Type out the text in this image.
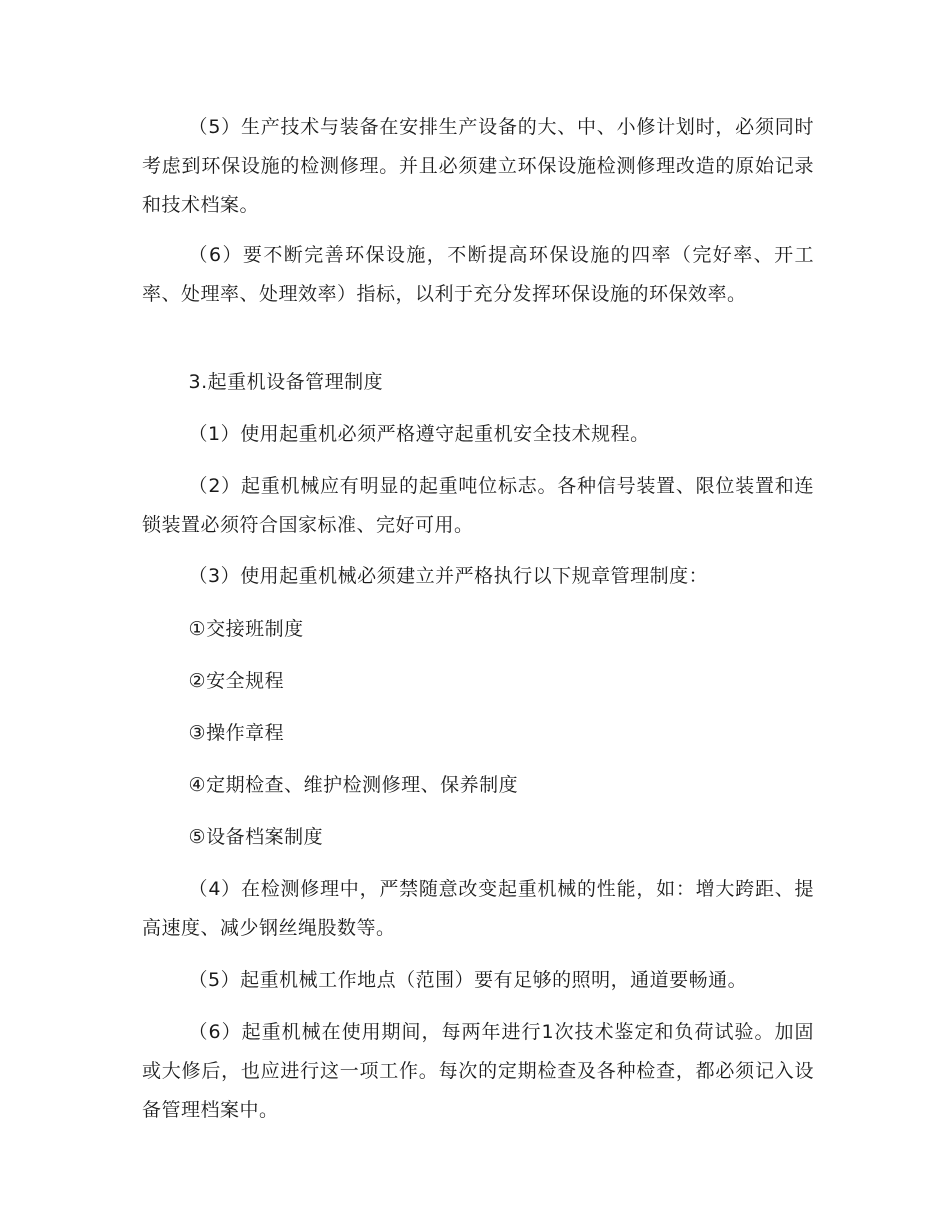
（5）生产技术与装备在安排生产设备的大、中、小修计划时，必须同时考虑到环保设施的检测修理。并且必须建立环保设施检测修理改造的原始记录和技术档案。

（6）要不断完善环保设施，不断提高环保设施的四率（完好率、开工率、处理率、处理效率）指标，以利于充分发挥环保设施的环保效率。

3.起重机设备管理制度

（1）使用起重机必须严格遵守起重机安全技术规程。

（2）起重机械应有明显的起重吨位标志。各种信号装置、限位装置和连锁装置必须符合国家标准、完好可用。

（3）使用起重机械必须建立并严格执行以下规章管理制度：

①交接班制度

②安全规程

③操作章程

④定期检查、维护检测修理、保养制度

⑤设备档案制度

（4）在检测修理中，严禁随意改变起重机械的性能，如：增大跨距、提高速度、减少钢丝绳股数等。

（5）起重机械工作地点（范围）要有足够的照明，通道要畅通。

（6）起重机械在使用期间，每两年进行1次技术鉴定和负荷试验。加固或大修后，也应进行这一项工作。每次的定期检查及各种检查，都必须记入设备管理档案中。
